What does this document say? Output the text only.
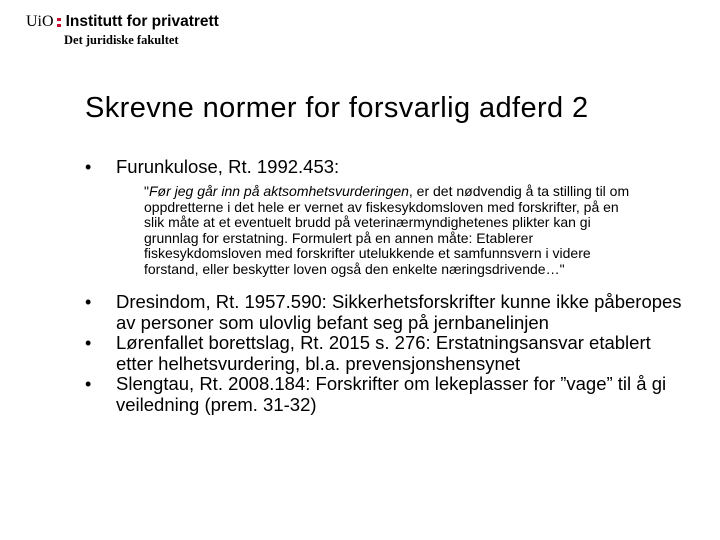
UiO Institutt for privatrett
Det juridiske fakultet
Skrevne normer for forsvarlig adferd 2
• Furunkulose, Rt. 1992.453:
"Før jeg går inn på aktsomhetsvurderingen, er det nødvendig å ta stilling til om oppdretterne i det hele er vernet av fiskesykdomsloven med forskrifter, på en slik måte at et eventuelt brudd på veterinærmyndighetenes plikter kan gi grunnlag for erstatning. Formulert på en annen måte: Etablerer fiskesykdomsloven med forskrifter utelukkende et samfunnsvern i videre forstand, eller beskytter loven også den enkelte næringsdrivende…"
• Dresindom, Rt. 1957.590: Sikkerhetsforskrifter kunne ikke påberopes av personer som ulovlig befant seg på jernbanelinjen
• Lørenfallet borettslag, Rt. 2015 s. 276: Erstatningsansvar etablert etter helhetsvurdering, bl.a. prevensjonshensynet
• Slengtau, Rt. 2008.184: Forskrifter om lekeplasser for ”vage” til å gi veiledning (prem. 31-32)
